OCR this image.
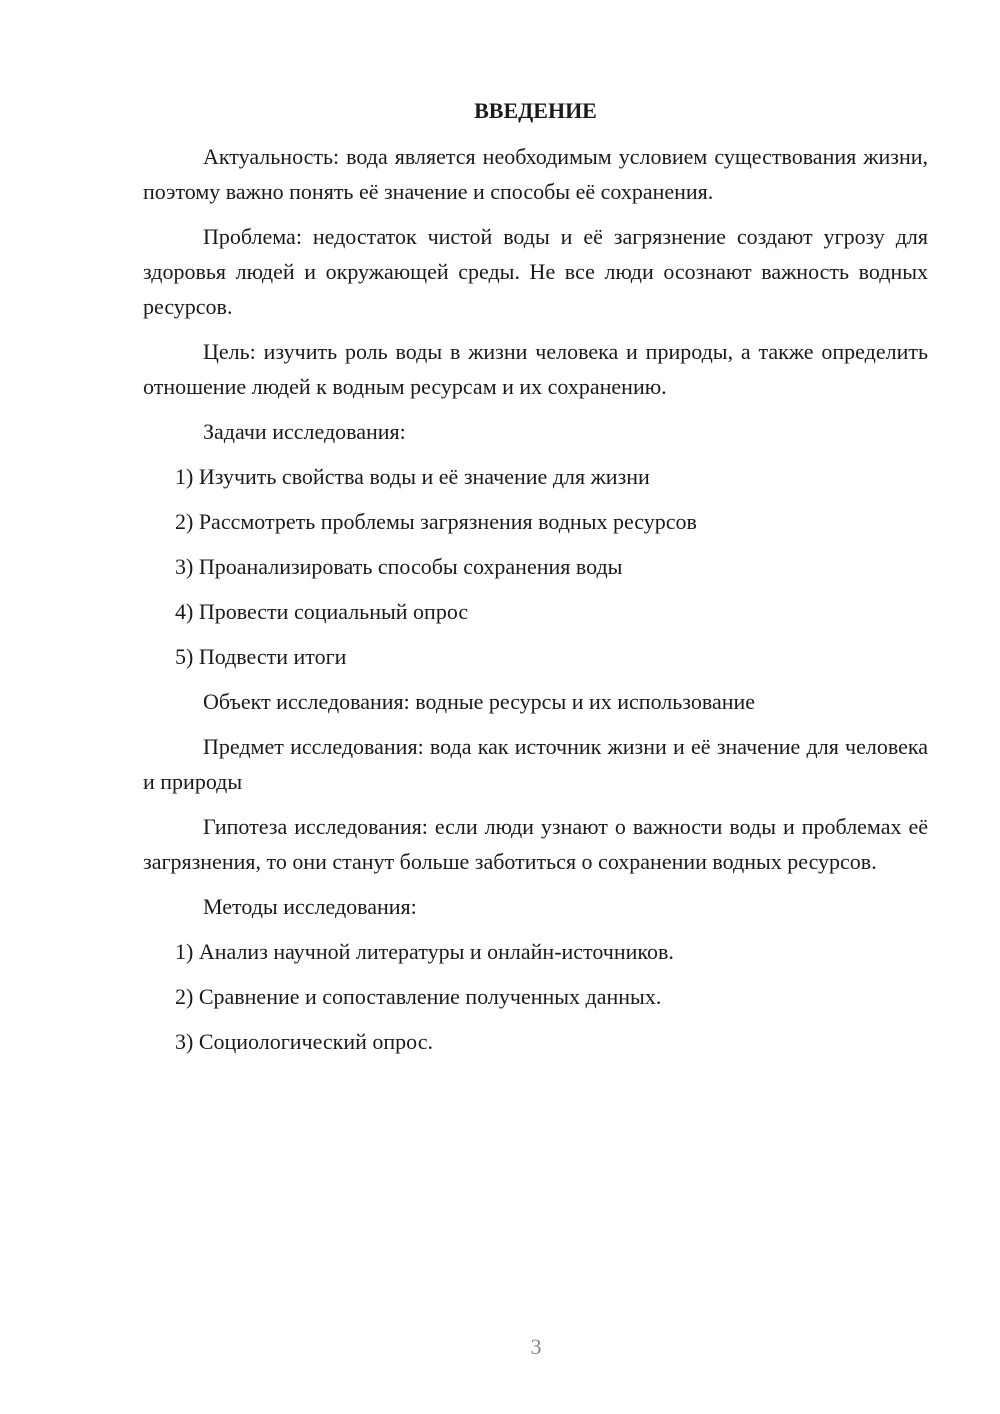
ВВЕДЕНИЕ

Актуальность: вода является необходимым условием существования жизни, поэтому важно понять её значение и способы её сохранения.

Проблема: недостаток чистой воды и её загрязнение создают угрозу для здоровья людей и окружающей среды. Не все люди осознают важность водных ресурсов.

Цель: изучить роль воды в жизни человека и природы, а также определить отношение людей к водным ресурсам и их сохранению.

Задачи исследования:

1) Изучить свойства воды и её значение для жизни

2) Рассмотреть проблемы загрязнения водных ресурсов

3) Проанализировать способы сохранения воды

4) Провести социальный опрос

5) Подвести итоги

Объект исследования: водные ресурсы и их использование

Предмет исследования: вода как источник жизни и её значение для человека и природы

Гипотеза исследования: если люди узнают о важности воды и проблемах её загрязнения, то они станут больше заботиться о сохранении водных ресурсов.

Методы исследования:

1) Анализ научной литературы и онлайн-источников.

2) Сравнение и сопоставление полученных данных.

3) Социологический опрос.

3
